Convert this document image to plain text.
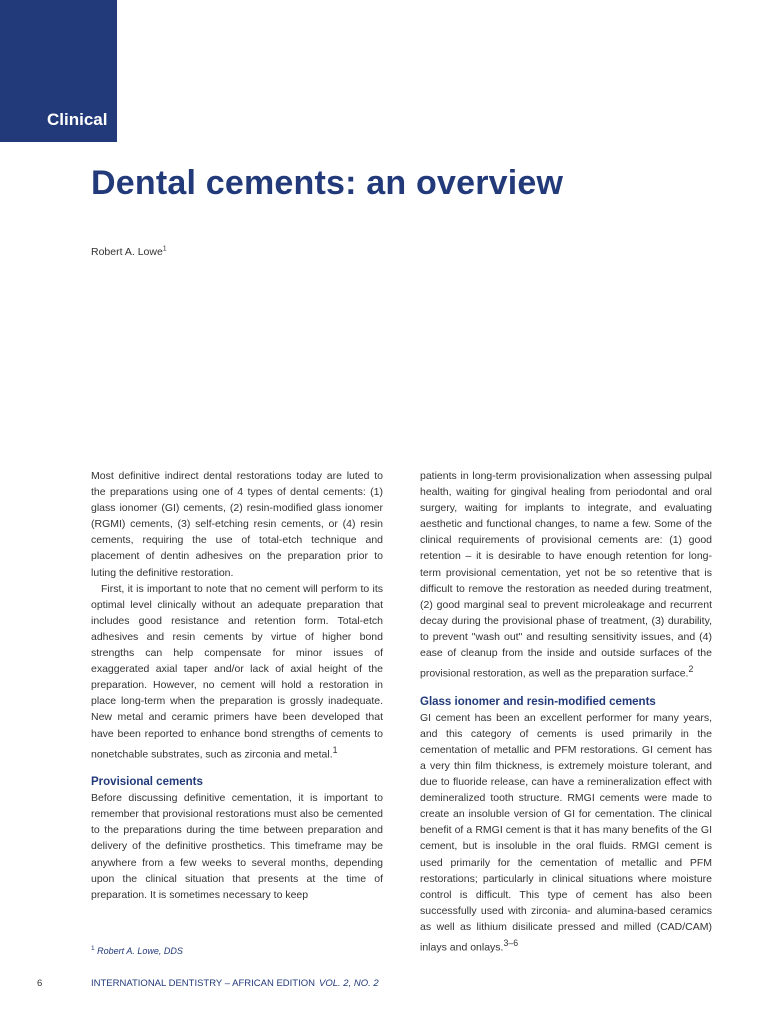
Clinical
Dental cements: an overview
Robert A. Lowe$^1$

Most definitive indirect dental restorations today are luted to the preparations using one of 4 types of dental cements: (1) glass ionomer (GI) cements, (2) resin-modified glass ionomer (RGMI) cements, (3) self-etching resin cements, or (4) resin cements, requiring the use of total-etch technique and placement of dentin adhesives on the preparation prior to luting the definitive restoration.

First, it is important to note that no cement will perform to its optimal level clinically without an adequate preparation that includes good resistance and retention form. Total-etch adhesives and resin cements by virtue of higher bond strengths can help compensate for minor issues of exaggerated axial taper and/or lack of axial height of the preparation. However, no cement will hold a restoration in place long-term when the preparation is grossly inadequate. New metal and ceramic primers have been developed that have been reported to enhance bond strengths of cements to nonetchable substrates, such as zirconia and metal.$^1$

Provisional cements

Before discussing definitive cementation, it is important to remember that provisional restorations must also be cemented to the preparations during the time between preparation and delivery of the definitive prosthetics. This timeframe may be anywhere from a few weeks to several months, depending upon the clinical situation that presents at the time of preparation. It is sometimes necessary to keep

patients in long-term provisionalization when assessing pulpal health, waiting for gingival healing from periodontal and oral surgery, waiting for implants to integrate, and evaluating aesthetic and functional changes, to name a few. Some of the clinical requirements of provisional cements are: (1) good retention – it is desirable to have enough retention for long-term provisional cementation, yet not be so retentive that is difficult to remove the restoration as needed during treatment, (2) good marginal seal to prevent microleakage and recurrent decay during the provisional phase of treatment, (3) durability, to prevent "wash out" and resulting sensitivity issues, and (4) ease of cleanup from the inside and outside surfaces of the provisional restoration, as well as the preparation surface.$^2$

Glass ionomer and resin-modified cements

GI cement has been an excellent performer for many years, and this category of cements is used primarily in the cementation of metallic and PFM restorations. GI cement has a very thin film thickness, is extremely moisture tolerant, and due to fluoride release, can have a remineralization effect with demineralized tooth structure. RMGI cements were made to create an insoluble version of GI for cementation. The clinical benefit of a RMGI cement is that it has many benefits of the GI cement, but is insoluble in the oral fluids. RMGI cement is used primarily for the cementation of metallic and PFM restorations; particularly in clinical situations where moisture control is difficult. This type of cement has also been successfully used with zirconia- and alumina-based ceramics as well as lithium disilicate pressed and milled (CAD/CAM) inlays and onlays.$^{3-6}$

$^1$ Robert A. Lowe, DDS
6	INTERNATIONAL DENTISTRY – AFRICAN EDITION VOL. 2, NO. 2
